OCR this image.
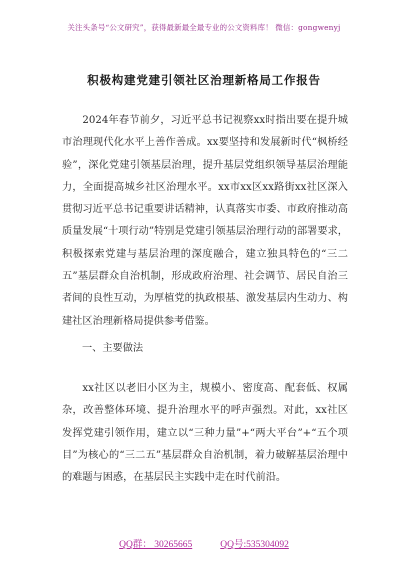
关注头条号“公文研究”，获得最新最全最专业的公文资料库！ 微信：gongwenyj
积极构建党建引领社区治理新格局工作报告

2024年春节前夕，习近平总书记视察xx时指出要在提升城市治理现代化水平上善作善成。xx要坚持和发展新时代“枫桥经验”，深化党建引领基层治理，提升基层党组织领导基层治理能力，全面提高城乡社区治理水平。xx市xx区xx路街xx社区深入贯彻习近平总书记重要讲话精神，认真落实市委、市政府推动高质量发展“十项行动”特别是党建引领基层治理行动的部署要求，积极探索党建与基层治理的深度融合，建立独具特色的“三二五”基层群众自治机制，形成政府治理、社会调节、居民自治三者间的良性互动，为厚植党的执政根基、激发基层内生动力、构建社区治理新格局提供参考借鉴。

一、主要做法

xx社区以老旧小区为主，规模小、密度高、配套低、权属杂，改善整体环境、提升治理水平的呼声强烈。对此，xx社区发挥党建引领作用，建立以“三种力量”+“两大平台”+“五个项目”为核心的“三二五”基层群众自治机制，着力破解基层治理中的难题与困惑，在基层民主实践中走在时代前沿。

QQ群： 30265665	QQ号:535304092
